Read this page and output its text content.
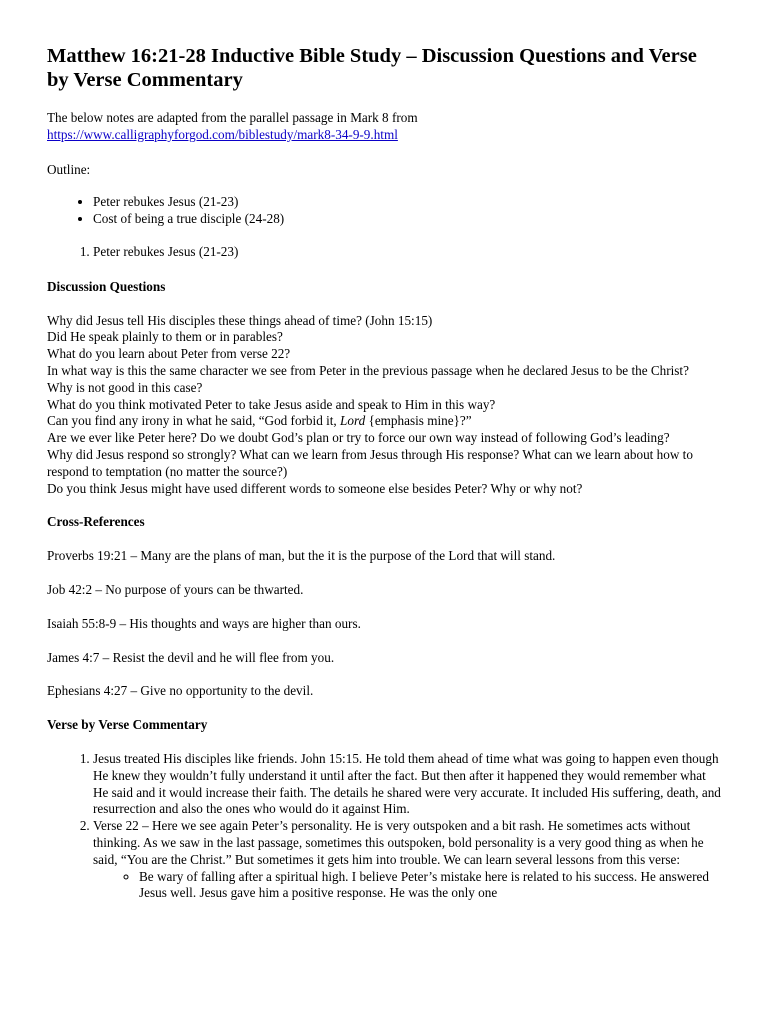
Matthew 16:21-28 Inductive Bible Study – Discussion Questions and Verse by Verse Commentary

The below notes are adapted from the parallel passage in Mark 8 from
https://www.calligraphyforgod.com/biblestudy/mark8-34-9-9.html

Outline:

• Peter rebukes Jesus (21-23)
• Cost of being a true disciple (24-28)
1. Peter rebukes Jesus (21-23)

Discussion Questions

Why did Jesus tell His disciples these things ahead of time? (John 15:15)
Did He speak plainly to them or in parables?
What do you learn about Peter from verse 22?
In what way is this the same character we see from Peter in the previous passage when he declared Jesus to be the Christ?
Why is not good in this case?
What do you think motivated Peter to take Jesus aside and speak to Him in this way?
Can you find any irony in what he said, “God forbid it, Lord {emphasis mine}?”
Are we ever like Peter here? Do we doubt God’s plan or try to force our own way instead of following God’s leading?
Why did Jesus respond so strongly? What can we learn from Jesus through His response? What can we learn about how to respond to temptation (no matter the source?)
Do you think Jesus might have used different words to someone else besides Peter? Why or why not?

Cross-References

Proverbs 19:21 – Many are the plans of man, but the it is the purpose of the Lord that will stand.

Job 42:2 – No purpose of yours can be thwarted.

Isaiah 55:8-9 – His thoughts and ways are higher than ours.

James 4:7 – Resist the devil and he will flee from you.

Ephesians 4:27 – Give no opportunity to the devil.

Verse by Verse Commentary

1. Jesus treated His disciples like friends. John 15:15. He told them ahead of time what was going to happen even though He knew they wouldn’t fully understand it until after the fact. But then after it happened they would remember what He said and it would increase their faith. The details he shared were very accurate. It included His suffering, death, and resurrection and also the ones who would do it against Him.
2. Verse 22 – Here we see again Peter’s personality. He is very outspoken and a bit rash. He sometimes acts without thinking. As we saw in the last passage, sometimes this outspoken, bold personality is a very good thing as when he said, “You are the Christ.” But sometimes it gets him into trouble. We can learn several lessons from this verse:
◦ Be wary of falling after a spiritual high. I believe Peter’s mistake here is related to his success. He answered Jesus well. Jesus gave him a positive response. He was the only one
